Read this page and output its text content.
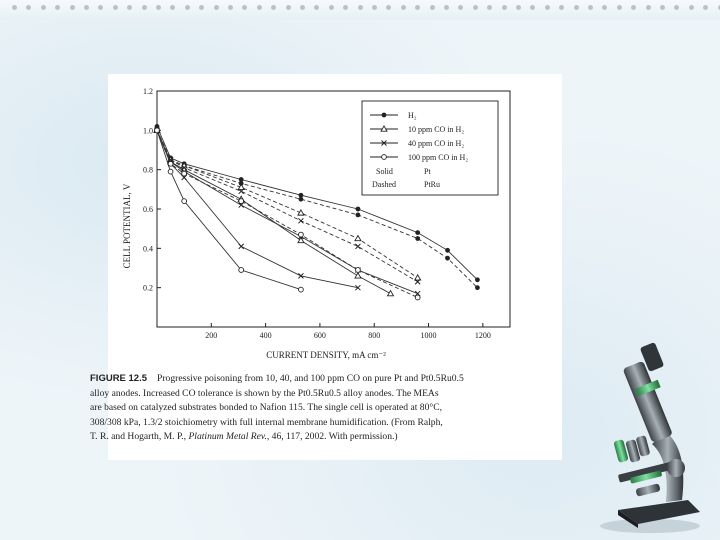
0.2
0.4
0.6
0.8
1.0
1.2
200	400	600	800	1000	1200
H₂
10 ppm CO in H₂
40 ppm CO in H₂
100 ppm CO in H₂
Solid	Pt
Dashed	PtRu
CELL POTENTIAL, V
CURRENT DENSITY, mA cm⁻²
FIGURE 12.5 Progressive poisoning from 10, 40, and 100 ppm CO on pure Pt and Pt0.5Ru0.5
alloy anodes. Increased CO tolerance is shown by the Pt0.5Ru0.5 alloy anodes. The MEAs
are based on catalyzed substrates bonded to Nafion 115. The single cell is operated at 80°C,
308/308 kPa, 1.3/2 stoichiometry with full internal membrane humidification. (From Ralph,
T. R. and Hogarth, M. P., Platinum Metal Rev., 46, 117, 2002. With permission.)
